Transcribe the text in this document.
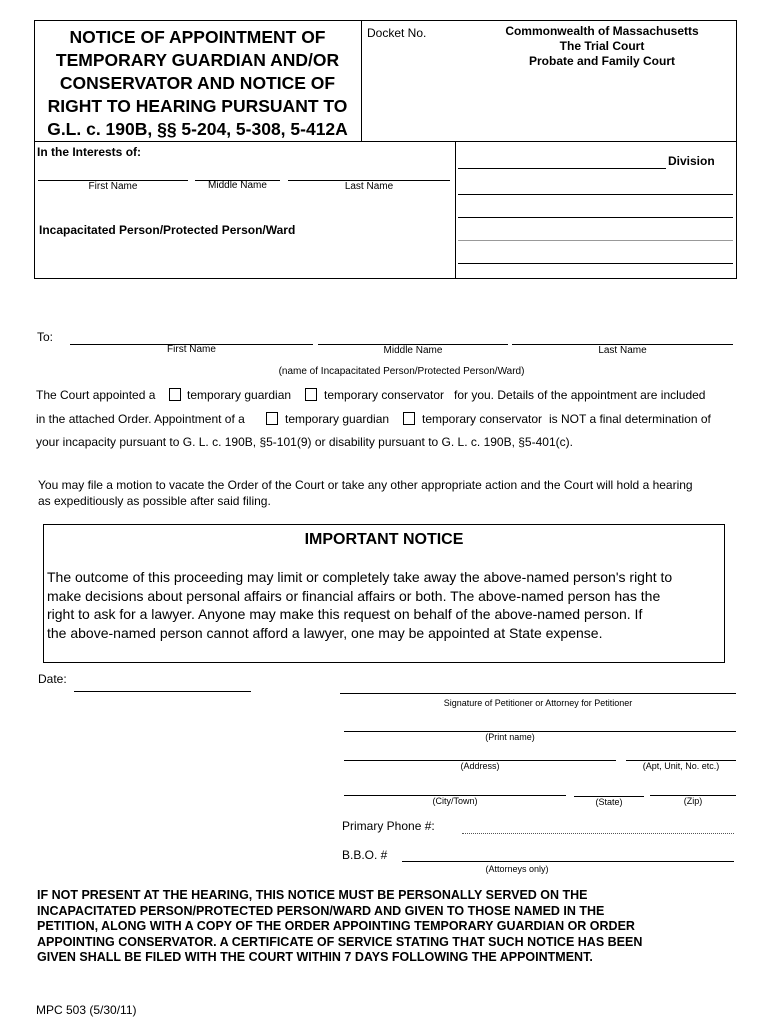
NOTICE OF APPOINTMENT OF
TEMPORARY GUARDIAN AND/OR
CONSERVATOR AND NOTICE OF
RIGHT TO HEARING PURSUANT TO
G.L. c. 190B, §§ 5-204, 5-308, 5-412A
Docket No.	Commonwealth of Massachusetts
The Trial Court
Probate and Family Court
In the Interests of:
First Name	Middle Name	Last Name
Incapacitated Person/Protected Person/Ward
Division
To:
First Name	Middle Name	Last Name
(name of Incapacitated Person/Protected Person/Ward)
The Court appointed a	temporary guardian	temporary conservator for you. Details of the appointment are included
in the attached Order. Appointment of a	temporary guardian	temporary conservator is NOT a final determination of
your incapacity pursuant to G. L. c. 190B, §5-101(9) or disability pursuant to G. L. c. 190B, §5-401(c).
You may file a motion to vacate the Order of the Court or take any other appropriate action and the Court will hold a hearing
as expeditiously as possible after said filing.
IMPORTANT NOTICE
The outcome of this proceeding may limit or completely take away the above-named person's right to
make decisions about personal affairs or financial affairs or both. The above-named person has the
right to ask for a lawyer. Anyone may make this request on behalf of the above-named person. If
the above-named person cannot afford a lawyer, one may be appointed at State expense.
Date:
Signature of Petitioner or Attorney for Petitioner
(Print name)
(Address)	(Apt, Unit, No. etc.)
(City/Town)	(State)	(Zip)
Primary Phone #:
B.B.O. #
(Attorneys only)
IF NOT PRESENT AT THE HEARING, THIS NOTICE MUST BE PERSONALLY SERVED ON THE
INCAPACITATED PERSON/PROTECTED PERSON/WARD AND GIVEN TO THOSE NAMED IN THE
PETITION, ALONG WITH A COPY OF THE ORDER APPOINTING TEMPORARY GUARDIAN OR ORDER
APPOINTING CONSERVATOR. A CERTIFICATE OF SERVICE STATING THAT SUCH NOTICE HAS BEEN
GIVEN SHALL BE FILED WITH THE COURT WITHIN 7 DAYS FOLLOWING THE APPOINTMENT.
MPC 503 (5/30/11)
